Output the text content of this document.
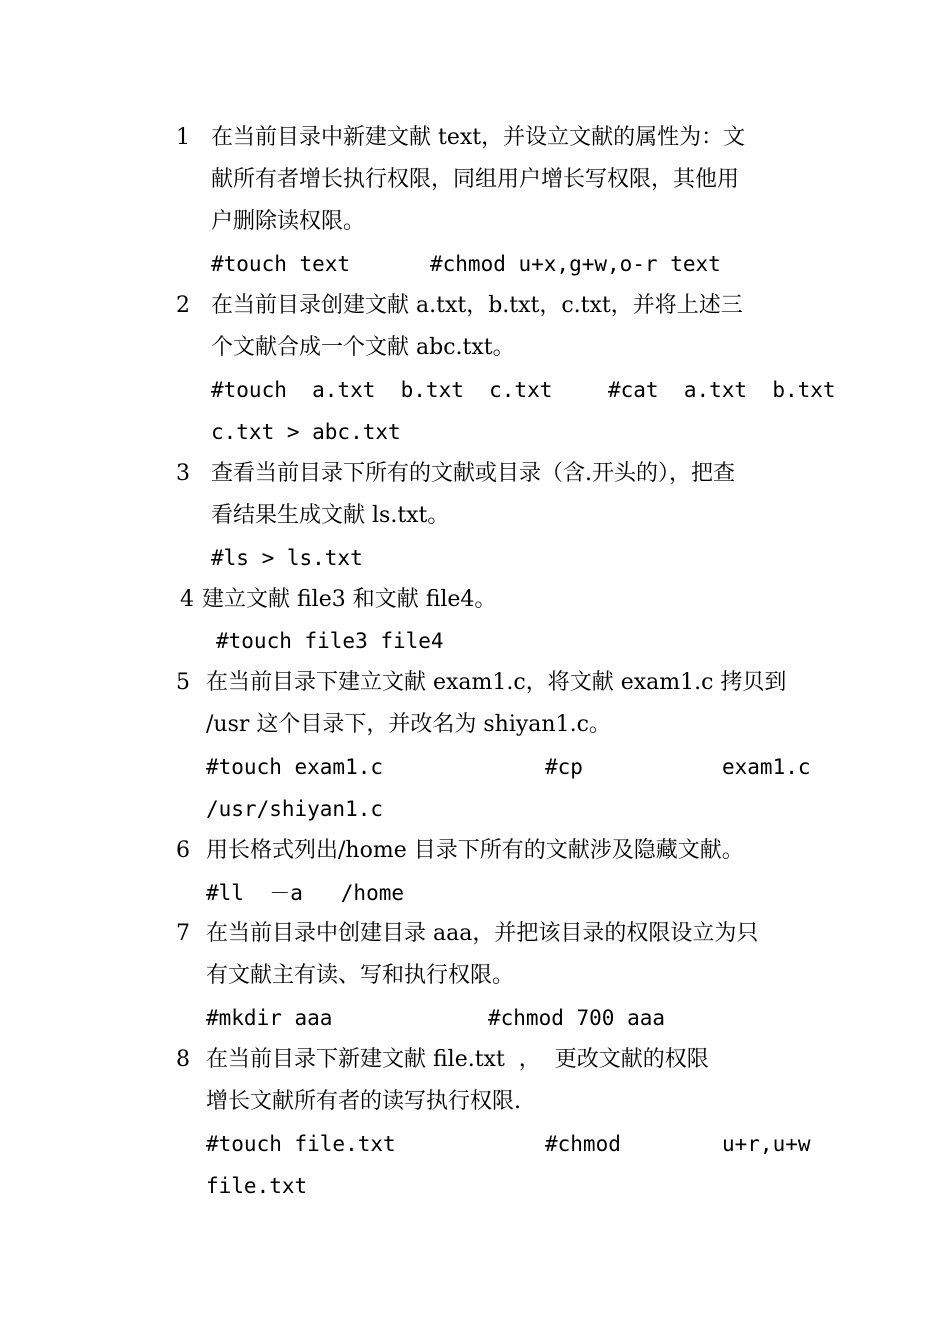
1 在当前目录中新建文献 text，并设立文献的属性为：文
献所有者增长执行权限，同组用户增长写权限，其他用
户删除读权限。
#touch text	#chmod u+x,g+w,o-r text
2 在当前目录创建文献 a.txt，b.txt，c.txt，并将上述三
个文献合成一个文献 abc.txt。
#touch  a.txt  b.txt  c.txt	#cat  a.txt  b.txt
c.txt > abc.txt
3 查看当前目录下所有的文献或目录（含.开头的），把查
看结果生成文献 ls.txt。
#ls > ls.txt
4 建立文献 file3 和文献 file4。
#touch file3 file4
5 在当前目录下建立文献 exam1.c，将文献 exam1.c 拷贝到
/usr 这个目录下，并改名为 shiyan1.c。
#touch exam1.c	#cp	exam1.c
/usr/shiyan1.c
6 用长格式列出/home 目录下所有的文献涉及隐藏文献。
#ll  －a   /home
7 在当前目录中创建目录 aaa，并把该目录的权限设立为只
有文献主有读、写和执行权限。
#mkdir aaa	#chmod 700 aaa
8 在当前目录下新建文献 file.txt  ，  更改文献的权限
增长文献所有者的读写执行权限.
#touch file.txt	#chmod	u+r,u+w
file.txt
